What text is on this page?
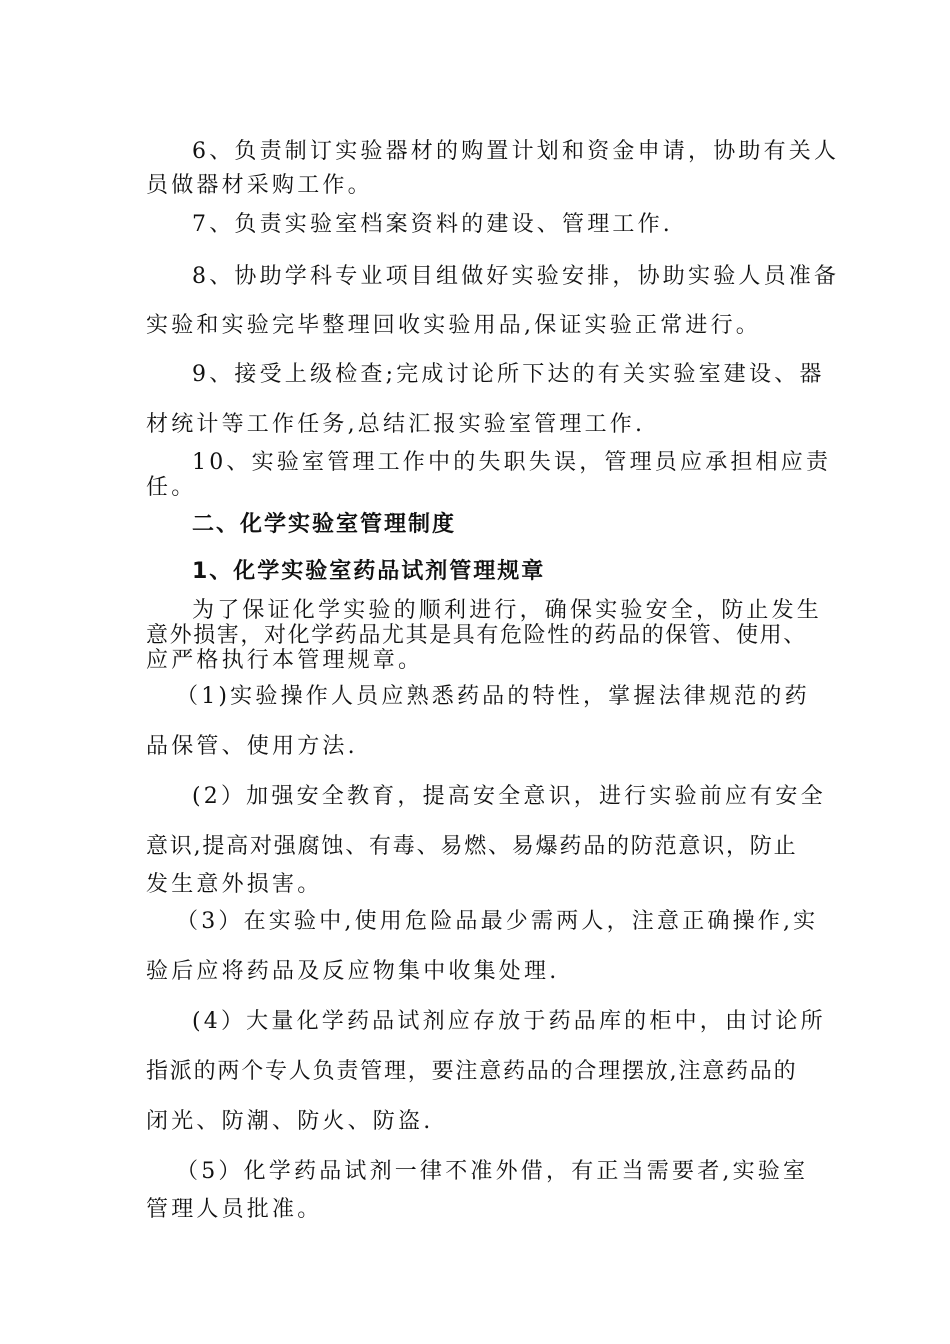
6、负责制订实验器材的购置计划和资金申请，协助有关人
员做器材采购工作。
7、负责实验室档案资料的建设、管理工作.
8、协助学科专业项目组做好实验安排，协助实验人员准备
实验和实验完毕整理回收实验用品,保证实验正常进行。
9、接受上级检查;完成讨论所下达的有关实验室建设、器
材统计等工作任务,总结汇报实验室管理工作.
10、实验室管理工作中的失职失误，管理员应承担相应责
任。
二、化学实验室管理制度
1、化学实验室药品试剂管理规章
为了保证化学实验的顺利进行，确保实验安全，防止发生
意外损害，对化学药品尤其是具有危险性的药品的保管、使用、
应严格执行本管理规章。
（1)实验操作人员应熟悉药品的特性，掌握法律规范的药
品保管、使用方法.
(2）加强安全教育，提高安全意识，进行实验前应有安全
意识,提高对强腐蚀、有毒、易燃、易爆药品的防范意识，防止
发生意外损害。
（3）在实验中,使用危险品最少需两人，注意正确操作,实
验后应将药品及反应物集中收集处理.
(4）大量化学药品试剂应存放于药品库的柜中，由讨论所
指派的两个专人负责管理，要注意药品的合理摆放,注意药品的
闭光、防潮、防火、防盗.
（5）化学药品试剂一律不准外借，有正当需要者,实验室
管理人员批准。
